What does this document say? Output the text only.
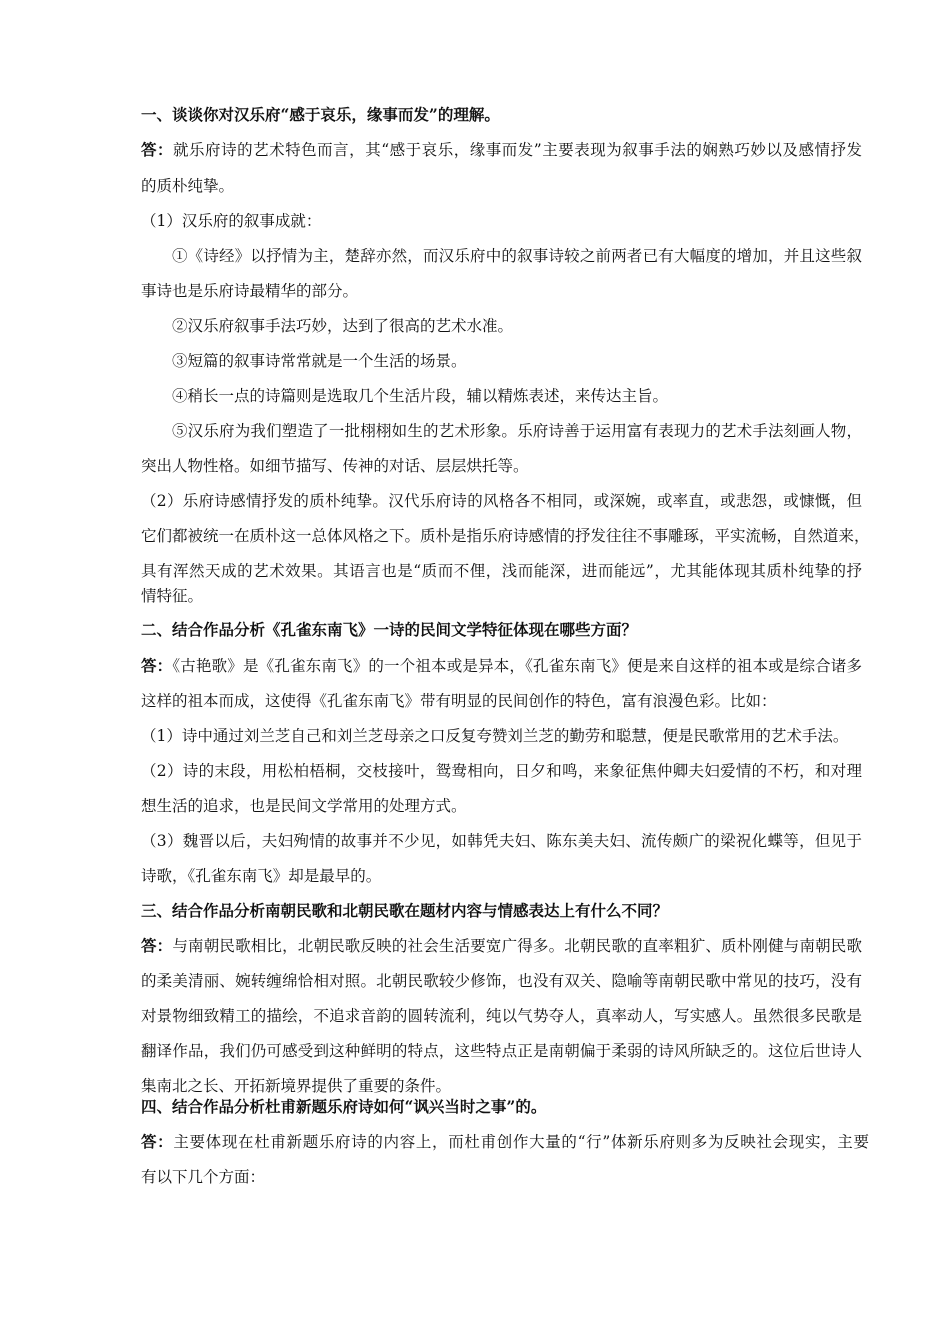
一、谈谈你对汉乐府“感于哀乐，缘事而发”的理解。
答：就乐府诗的艺术特色而言，其“感于哀乐，缘事而发”主要表现为叙事手法的娴熟巧妙以及感情抒发
的质朴纯挚。
（1）汉乐府的叙事成就：
①《诗经》以抒情为主，楚辞亦然，而汉乐府中的叙事诗较之前两者已有大幅度的增加，并且这些叙
事诗也是乐府诗最精华的部分。
②汉乐府叙事手法巧妙，达到了很高的艺术水准。
③短篇的叙事诗常常就是一个生活的场景。
④稍长一点的诗篇则是选取几个生活片段，辅以精炼表述，来传达主旨。
⑤汉乐府为我们塑造了一批栩栩如生的艺术形象。乐府诗善于运用富有表现力的艺术手法刻画人物，
突出人物性格。如细节描写、传神的对话、层层烘托等。
（2）乐府诗感情抒发的质朴纯挚。汉代乐府诗的风格各不相同，或深婉，或率直，或悲怨，或慷慨，但
它们都被统一在质朴这一总体风格之下。质朴是指乐府诗感情的抒发往往不事雕琢，平实流畅，自然道来，
具有浑然天成的艺术效果。其语言也是“质而不俚，浅而能深，进而能远”，尤其能体现其质朴纯挚的抒
情特征。
二、结合作品分析《孔雀东南飞》一诗的民间文学特征体现在哪些方面？
答：《古艳歌》是《孔雀东南飞》的一个祖本或是异本，《孔雀东南飞》便是来自这样的祖本或是综合诸多
这样的祖本而成，这使得《孔雀东南飞》带有明显的民间创作的特色，富有浪漫色彩。比如：
（1）诗中通过刘兰芝自己和刘兰芝母亲之口反复夸赞刘兰芝的勤劳和聪慧，便是民歌常用的艺术手法。
（2）诗的末段，用松柏梧桐，交枝接叶，鸳鸯相向，日夕和鸣，来象征焦仲卿夫妇爱情的不朽，和对理
想生活的追求，也是民间文学常用的处理方式。
（3）魏晋以后，夫妇殉情的故事并不少见，如韩凭夫妇、陈东美夫妇、流传颇广的梁祝化蝶等，但见于
诗歌，《孔雀东南飞》却是最早的。
三、结合作品分析南朝民歌和北朝民歌在题材内容与情感表达上有什么不同？
答：与南朝民歌相比，北朝民歌反映的社会生活要宽广得多。北朝民歌的直率粗犷、质朴刚健与南朝民歌
的柔美清丽、婉转缠绵恰相对照。北朝民歌较少修饰，也没有双关、隐喻等南朝民歌中常见的技巧，没有
对景物细致精工的描绘，不追求音韵的圆转流利，纯以气势夺人，真率动人，写实感人。虽然很多民歌是
翻译作品，我们仍可感受到这种鲜明的特点，这些特点正是南朝偏于柔弱的诗风所缺乏的。这位后世诗人
集南北之长、开拓新境界提供了重要的条件。
四、结合作品分析杜甫新题乐府诗如何“讽兴当时之事”的。
答：主要体现在杜甫新题乐府诗的内容上，而杜甫创作大量的“行”体新乐府则多为反映社会现实，主要
有以下几个方面：
